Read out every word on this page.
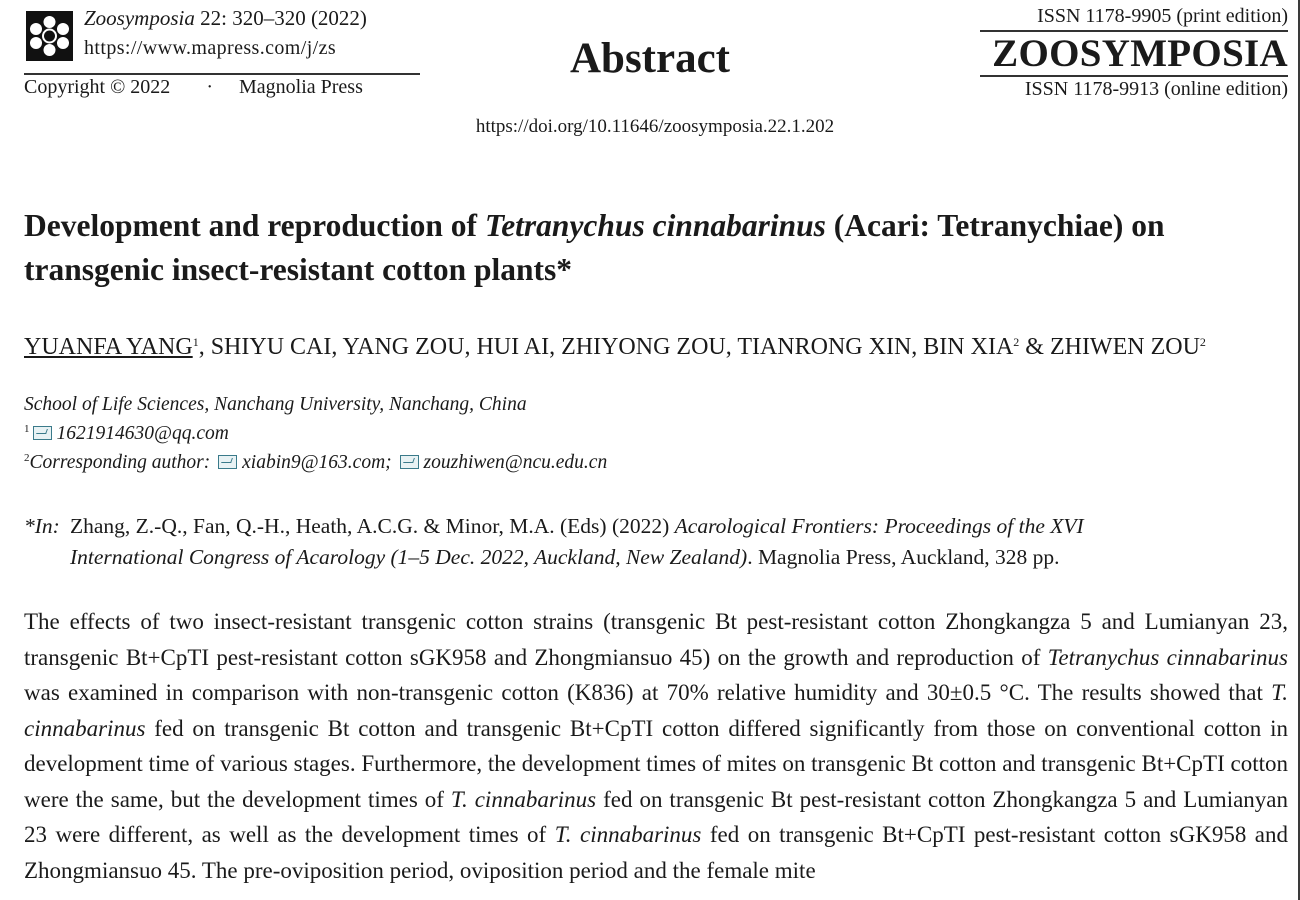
Zoosymposia 22: 320–320 (2022)
https://www.mapress.com/j/zs
Copyright © 2022 · Magnolia Press
Abstract
ISSN 1178-9905 (print edition)
ZOOSYMPOSIA
ISSN 1178-9913 (online edition)
https://doi.org/10.11646/zoosymposia.22.1.202
Development and reproduction of Tetranychus cinnabarinus (Acari: Tetranychiae) on transgenic insect-resistant cotton plants*
YUANFA YANG$^1$, SHIYU CAI, YANG ZOU, HUI AI, ZHIYONG ZOU, TIANRONG XIN, BIN XIA$^2$ & ZHIWEN ZOU$^2$
School of Life Sciences, Nanchang University, Nanchang, China
$^1$ 1621914630@qq.com
$^2$Corresponding author: xiabin9@163.com; zouzhiwen@ncu.edu.cn
*In: Zhang, Z.-Q., Fan, Q.-H., Heath, A.C.G. & Minor, M.A. (Eds) (2022) Acarological Frontiers: Proceedings of the XVI
International Congress of Acarology (1–5 Dec. 2022, Auckland, New Zealand). Magnolia Press, Auckland, 328 pp.
The effects of two insect-resistant transgenic cotton strains (transgenic Bt pest-resistant cotton Zhongkangza 5 and Lumianyan 23, transgenic Bt+CpTI pest-resistant cotton sGK958 and Zhongmiansuo 45) on the growth and reproduction of Tetranychus cinnabarinus was examined in comparison with non-transgenic cotton (K836) at 70% relative humidity and 30±0.5 °C. The results showed that T. cinnabarinus fed on transgenic Bt cotton and transgenic Bt+CpTI cotton differed significantly from those on conventional cotton in development time of various stages. Furthermore, the development times of mites on transgenic Bt cotton and transgenic Bt+CpTI cotton were the same, but the development times of T. cinnabarinus fed on transgenic Bt pest-resistant cotton Zhongkangza 5 and Lumianyan 23 were different, as well as the development times of T. cinnabarinus fed on transgenic Bt+CpTI pest-resistant cotton sGK958 and Zhongmiansuo 45. The pre-oviposition period, oviposition period and the female mite
